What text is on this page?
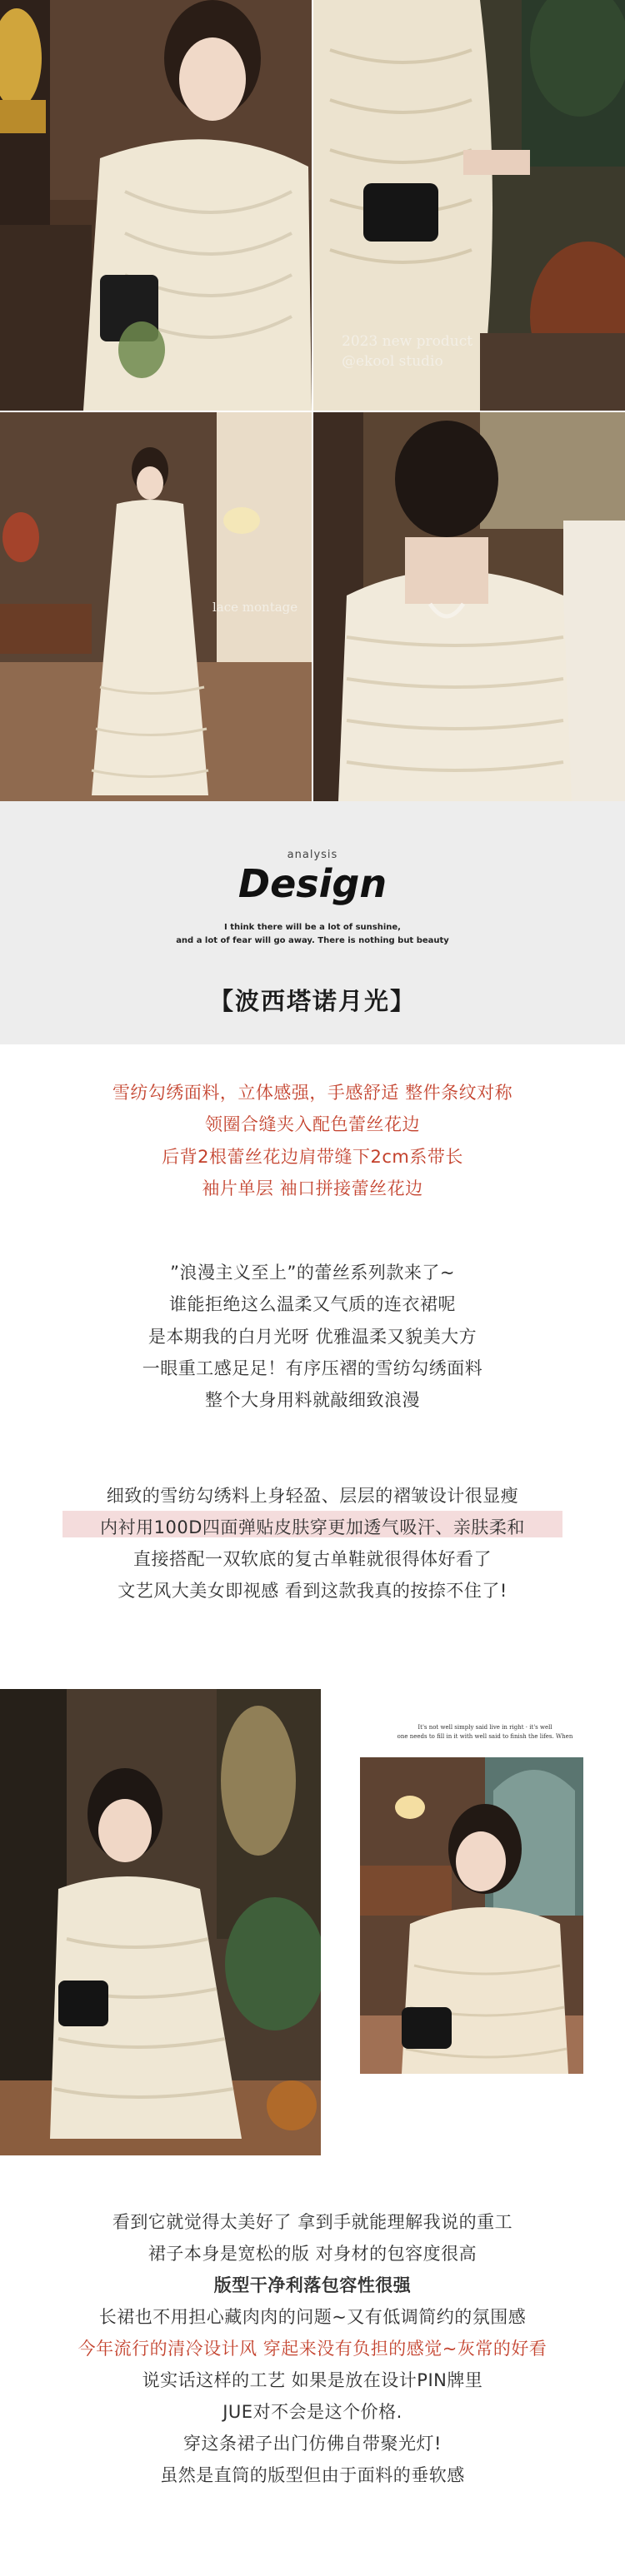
2023 new product
@ekool studio
lace montage
analysis
Design
I think there will be a lot of sunshine,
and a lot of fear will go away. There is nothing but beauty
【波西塔诺月光】
雪纺勾绣面料，立体感强，手感舒适 整件条纹对称
领圈合缝夹入配色蕾丝花边
后背2根蕾丝花边肩带缝下2cm系带长
袖片单层 袖口拼接蕾丝花边
”浪漫主义至上”的蕾丝系列款来了~
谁能拒绝这么温柔又气质的连衣裙呢
是本期我的白月光呀 优雅温柔又貌美大方
一眼重工感足足！有序压褶的雪纺勾绣面料
整个大身用料就敲细致浪漫
细致的雪纺勾绣料上身轻盈、层层的褶皱设计很显瘦
内衬用100D四面弹贴皮肤穿更加透气吸汗、亲肤柔和
直接搭配一双软底的复古单鞋就很得体好看了
文艺风大美女即视感 看到这款我真的按捺不住了!
It's not well simply said live in right · it's well
one needs to fill in it with well said to finish the lifes. When
看到它就觉得太美好了 拿到手就能理解我说的重工
裙子本身是宽松的版 对身材的包容度很高
版型干净利落包容性很强
长裙也不用担心藏肉肉的问题~又有低调简约的氛围感
今年流行的清冷设计风 穿起来没有负担的感觉~灰常的好看
说实话这样的工艺 如果是放在设计PIN牌里
JUE对不会是这个价格.
穿这条裙子出门仿佛自带聚光灯!
虽然是直筒的版型但由于面料的垂软感
